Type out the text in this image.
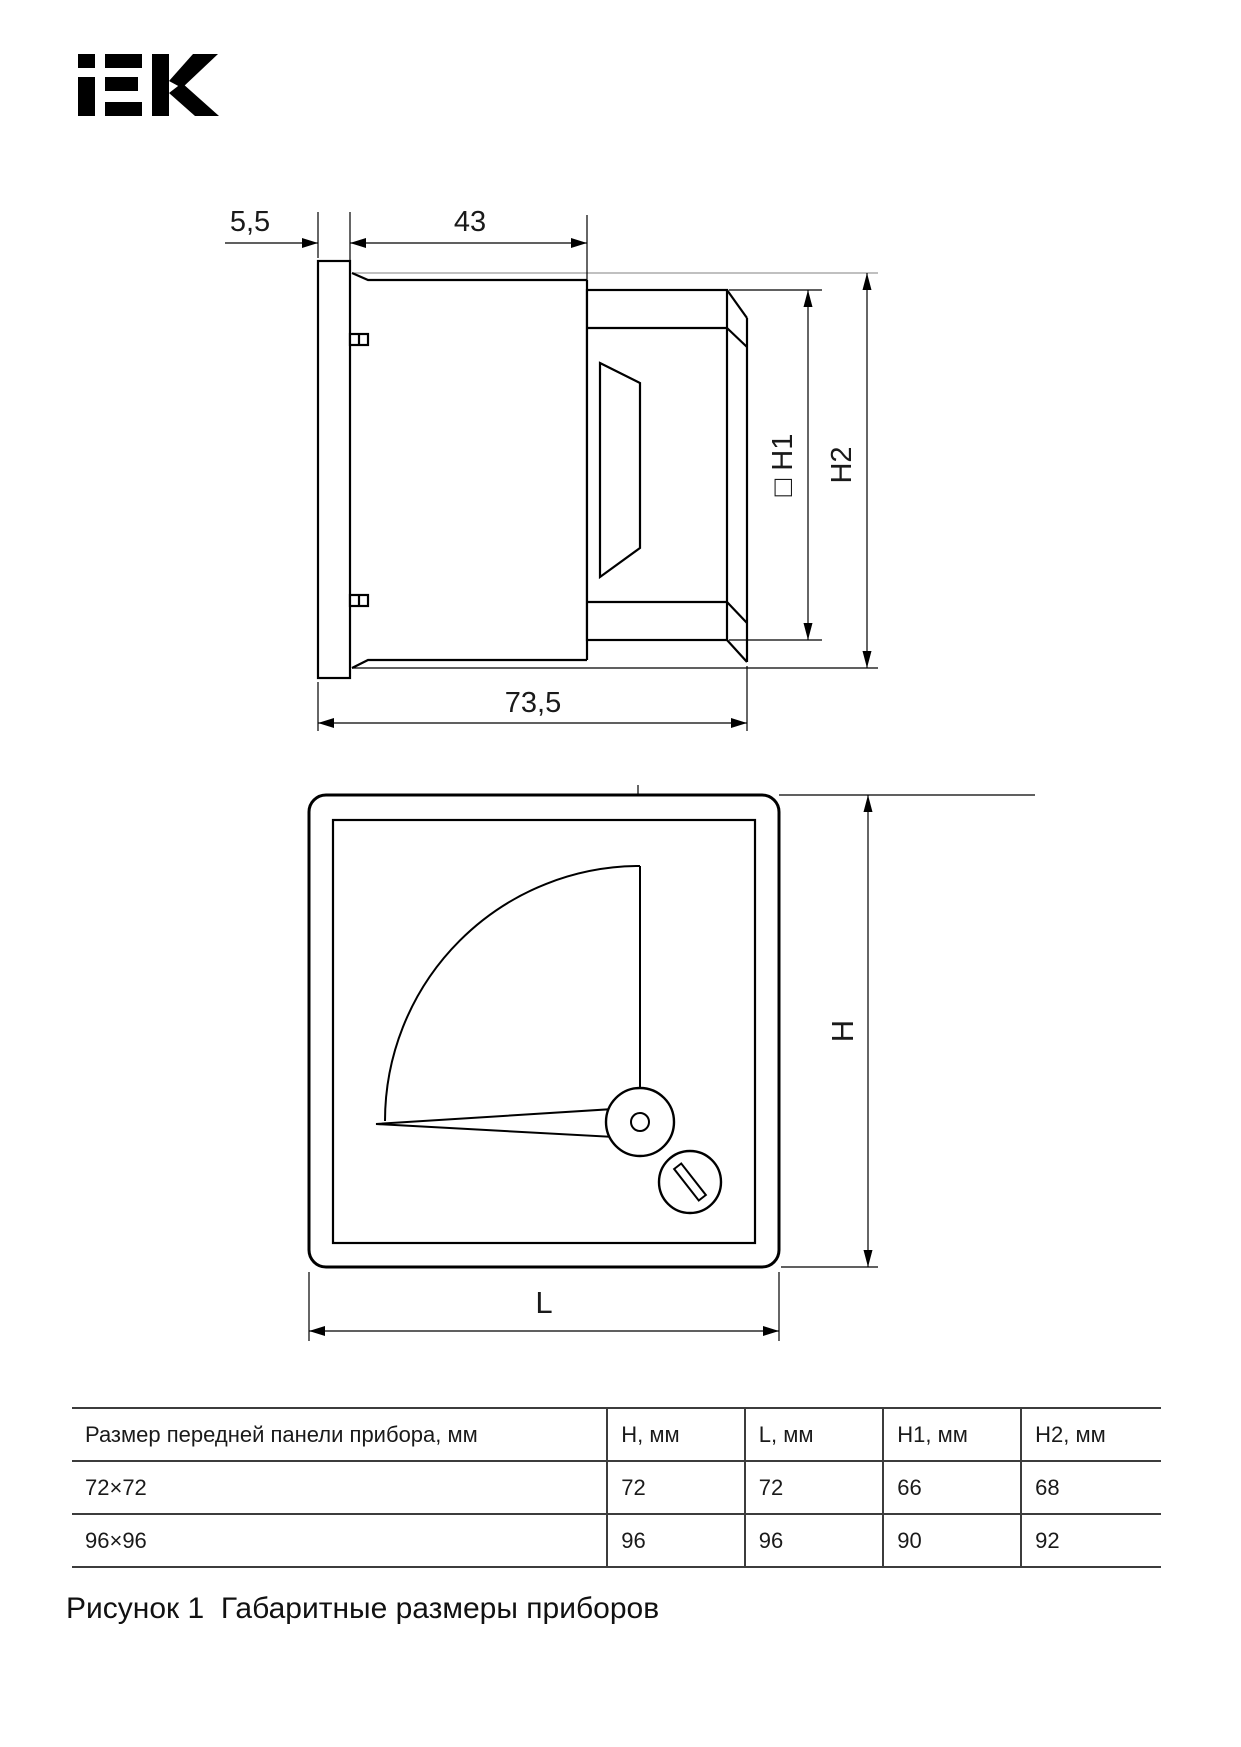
5,5	43
73,5
□ H1 H2
L
H
Размер передней панели прибора, мм	H, мм	L, мм	H1, мм	H2, мм
72×72	72	72	66	68
96×96	96	96	90	92
Рисунок 1  Габаритные размеры приборов
